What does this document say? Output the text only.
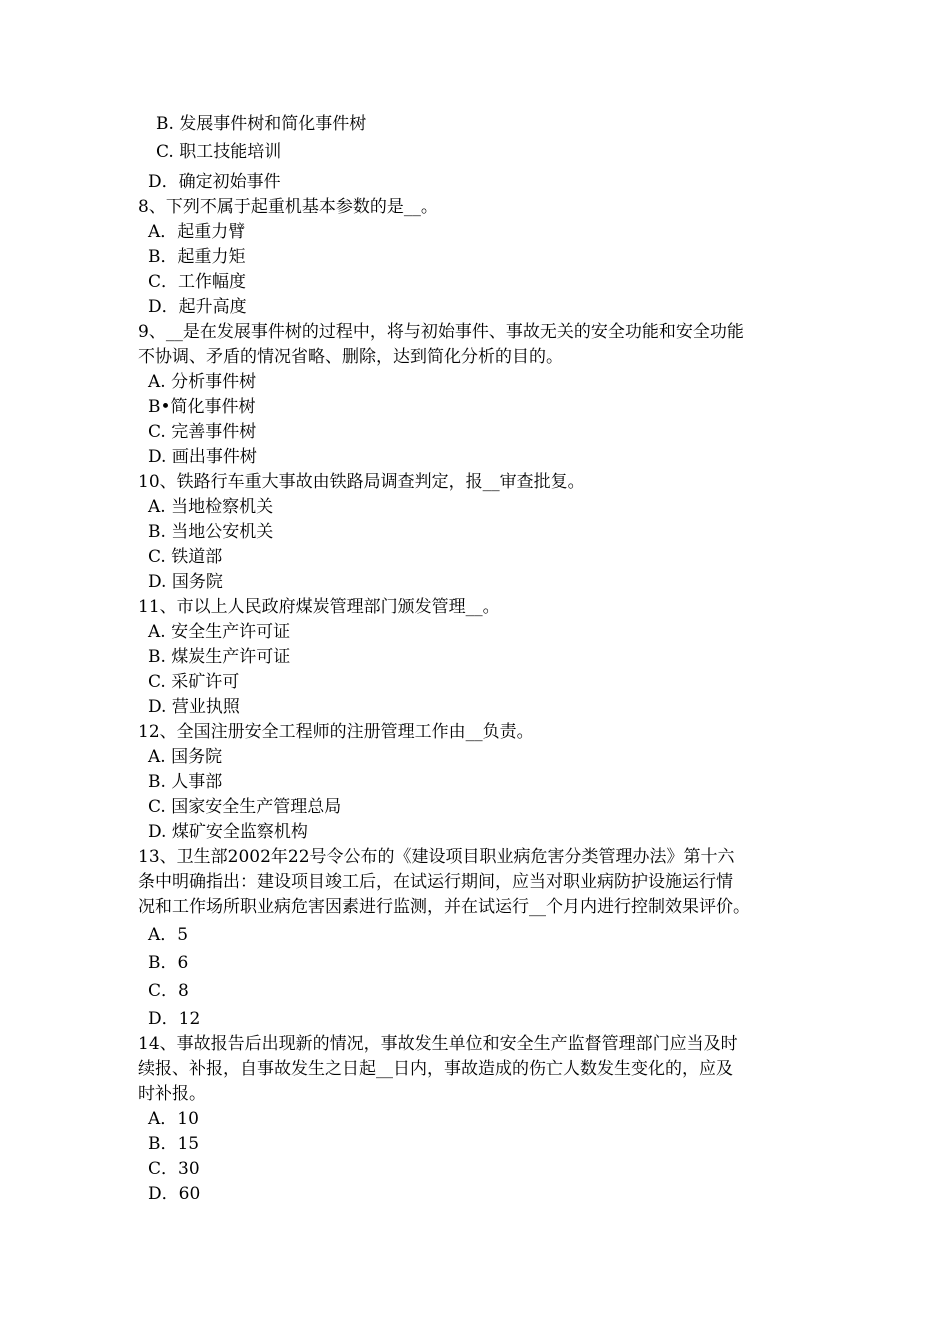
B. 发展事件树和简化事件树
C. 职工技能培训
D．确定初始事件
8、下列不属于起重机基本参数的是__。
A．起重力臂
B．起重力矩
C．工作幅度
D．起升高度
9、__是在发展事件树的过程中，将与初始事件、事故无关的安全功能和安全功能
不协调、矛盾的情况省略、删除，达到简化分析的目的。
A. 分析事件树
B•简化事件树
C. 完善事件树
D. 画出事件树
10、铁路行车重大事故由铁路局调查判定，报__审查批复。
A. 当地检察机关
B. 当地公安机关
C. 铁道部
D. 国务院
11、市以上人民政府煤炭管理部门颁发管理__。
A. 安全生产许可证
B. 煤炭生产许可证
C. 采矿许可
D. 营业执照
12、全国注册安全工程师的注册管理工作由__负责。
A. 国务院
B. 人事部
C. 国家安全生产管理总局
D. 煤矿安全监察机构
13、卫生部2002年22号令公布的《建设项目职业病危害分类管理办法》第十六
条中明确指出：建设项目竣工后，在试运行期间，应当对职业病防护设施运行情
况和工作场所职业病危害因素进行监测，并在试运行__个月内进行控制效果评价。
A．5
B．6
C．8
D．12
14、事故报告后出现新的情况，事故发生单位和安全生产监督管理部门应当及时
续报、补报，自事故发生之日起__日内，事故造成的伤亡人数发生变化的，应及
时补报。
A．10
B．15
C．30
D．60
